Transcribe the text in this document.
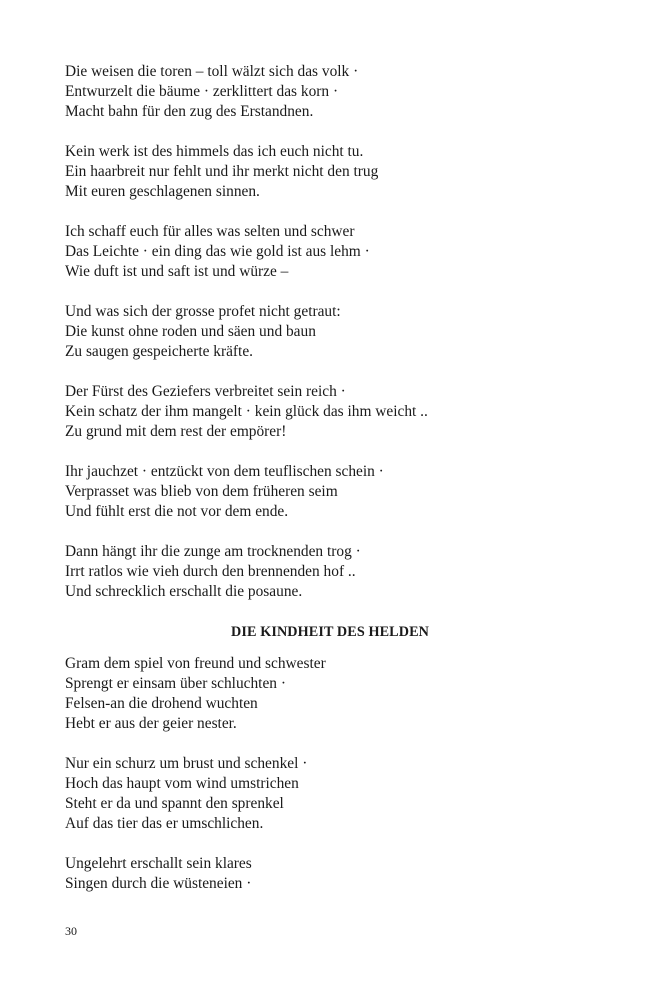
Die weisen die toren – toll wälzt sich das volk ·
Entwurzelt die bäume · zerklittert das korn ·
Macht bahn für den zug des Erstandnen.
Kein werk ist des himmels das ich euch nicht tu.
Ein haarbreit nur fehlt und ihr merkt nicht den trug
Mit euren geschlagenen sinnen.
Ich schaff euch für alles was selten und schwer
Das Leichte · ein ding das wie gold ist aus lehm ·
Wie duft ist und saft ist und würze –
Und was sich der grosse profet nicht getraut:
Die kunst ohne roden und säen und baun
Zu saugen gespeicherte kräfte.
Der Fürst des Geziefers verbreitet sein reich ·
Kein schatz der ihm mangelt · kein glück das ihm weicht ..
Zu grund mit dem rest der empörer!
Ihr jauchzet · entzückt von dem teuflischen schein ·
Verprasset was blieb von dem früheren seim
Und fühlt erst die not vor dem ende.
Dann hängt ihr die zunge am trocknenden trog ·
Irrt ratlos wie vieh durch den brennenden hof ..
Und schrecklich erschallt die posaune.
DIE KINDHEIT DES HELDEN
Gram dem spiel von freund und schwester
Sprengt er einsam über schluchten ·
Felsen-an die drohend wuchten
Hebt er aus der geier nester.
Nur ein schurz um brust und schenkel ·
Hoch das haupt vom wind umstrichen
Steht er da und spannt den sprenkel
Auf das tier das er umschlichen.
Ungelehrt erschallt sein klares
Singen durch die wüsteneien ·
30
